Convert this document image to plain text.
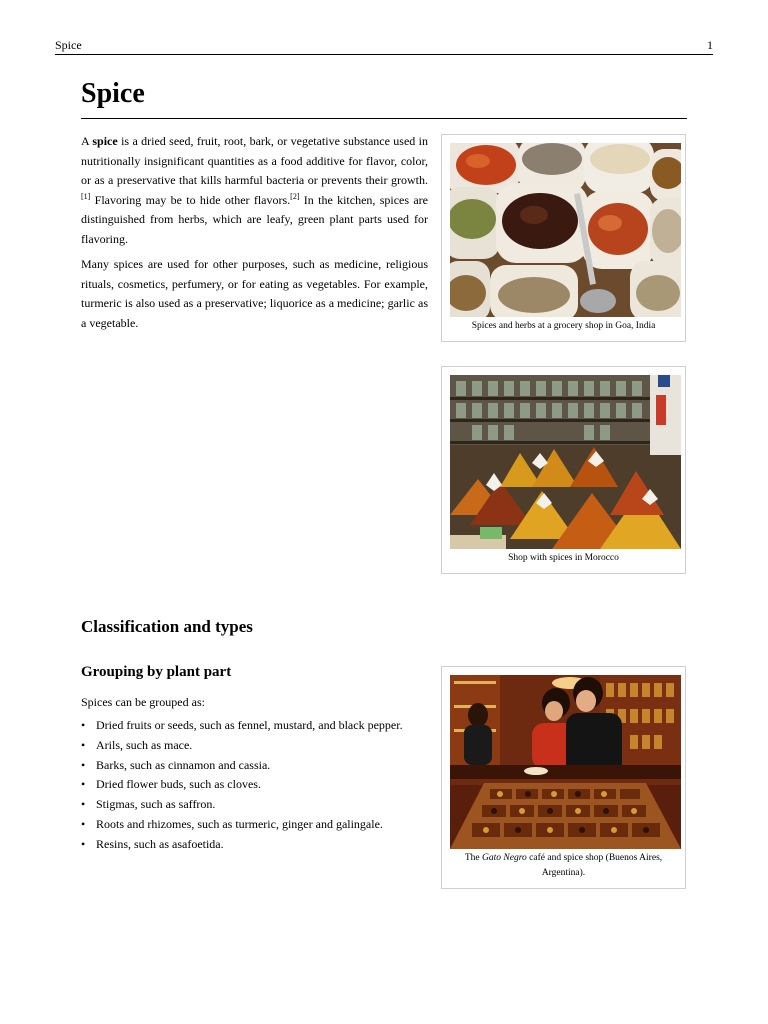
Spice	1
Spice

A spice is a dried seed, fruit, root, bark, or vegetative substance used in nutritionally insignificant quantities as a food additive for flavor, color, or as a preservative that kills harmful bacteria or prevents their growth.[1] Flavoring may be to hide other flavors.[2] In the kitchen, spices are distinguished from herbs, which are leafy, green plant parts used for flavoring.

Many spices are used for other purposes, such as medicine, religious rituals, cosmetics, perfumery, or for eating as vegetables. For example, turmeric is also used as a preservative; liquorice as a medicine; garlic as a vegetable.	Spices and herbs at a grocery shop in Goa, India
Shop with spices in Morocco
The Gato Negro café and spice shop (Buenos Aires, Argentina).
Classification and types
Grouping by plant part

Spices can be grouped as:

• Dried fruits or seeds, such as fennel, mustard, and black pepper.
• Arils, such as mace.
• Barks, such as cinnamon and cassia.
• Dried flower buds, such as cloves.
• Stigmas, such as saffron.
• Roots and rhizomes, such as turmeric, ginger and galingale.
• Resins, such as asafoetida.
